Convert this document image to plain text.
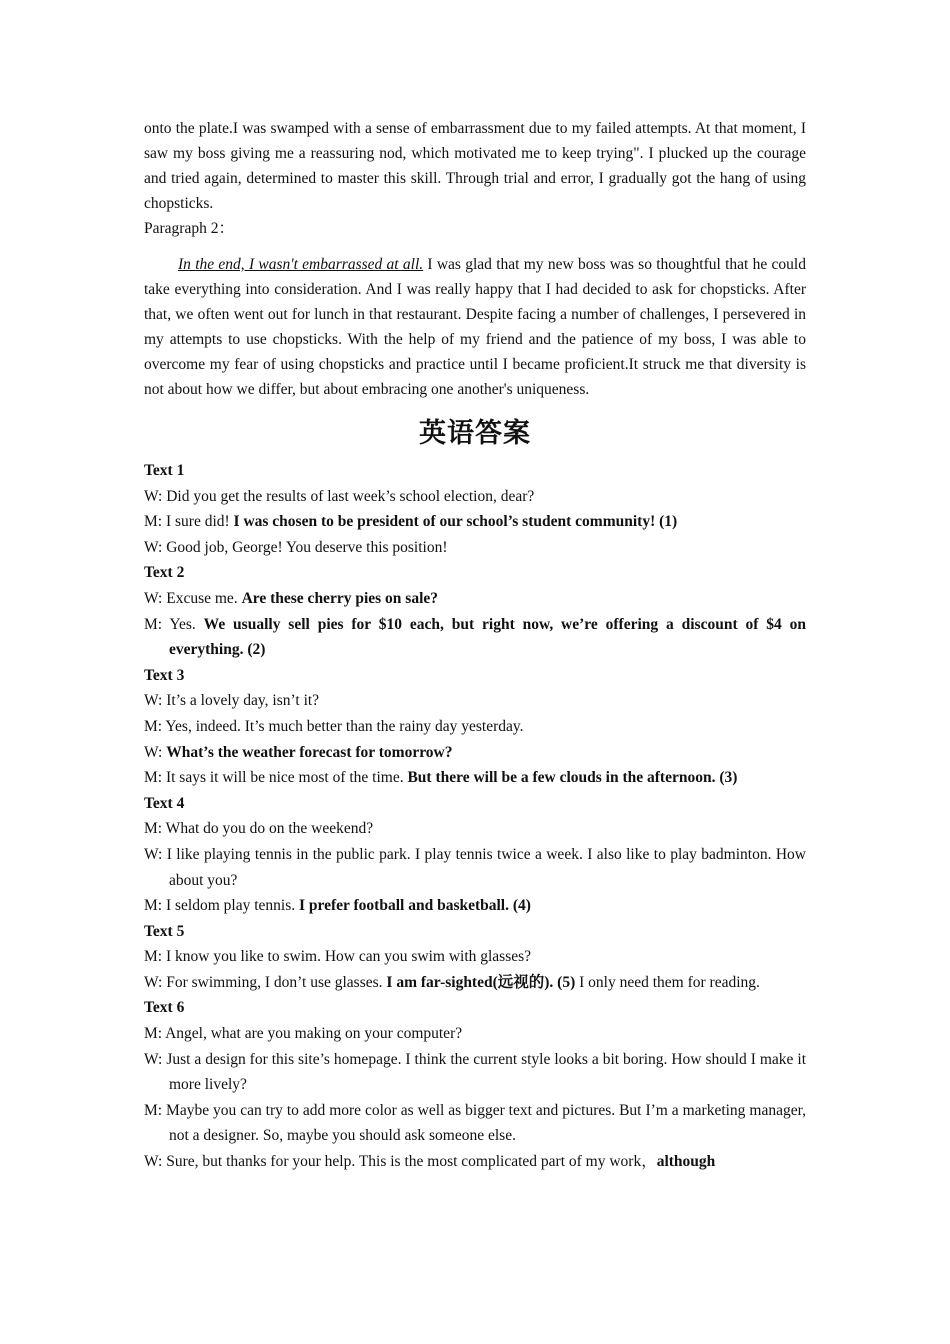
onto the plate.I was swamped with a sense of embarrassment due to my failed attempts. At that moment, I saw my boss giving me a reassuring nod, which motivated me to keep trying". I plucked up the courage and tried again, determined to master this skill. Through trial and error, I gradually got the hang of using chopsticks.

Paragraph 2：

In the end, I wasn't embarrassed at all. I was glad that my new boss was so thoughtful that he could take everything into consideration. And I was really happy that I had decided to ask for chopsticks. After that, we often went out for lunch in that restaurant. Despite facing a number of challenges, I persevered in my attempts to use chopsticks. With the help of my friend and the patience of my boss, I was able to overcome my fear of using chopsticks and practice until I became proficient.It struck me that diversity is not about how we differ, but about embracing one another's uniqueness.

英语答案

Text 1

W: Did you get the results of last week’s school election, dear?

M: I sure did! I was chosen to be president of our school’s student community! (1)

W: Good job, George! You deserve this position!

Text 2

W: Excuse me. Are these cherry pies on sale?

M: Yes. We usually sell pies for $10 each, but right now, we’re offering a discount of $4 on everything. (2)

Text 3

W: It’s a lovely day, isn’t it?

M: Yes, indeed. It’s much better than the rainy day yesterday.

W: What’s the weather forecast for tomorrow?

M: It says it will be nice most of the time. But there will be a few clouds in the afternoon. (3)

Text 4

M: What do you do on the weekend?

W: I like playing tennis in the public park. I play tennis twice a week. I also like to play badminton. How about you?

M: I seldom play tennis. I prefer football and basketball. (4)

Text 5

M: I know you like to swim. How can you swim with glasses?

W: For swimming, I don’t use glasses. I am far-sighted(远视的). (5) I only need them for reading.

Text 6

M: Angel, what are you making on your computer?

W: Just a design for this site’s homepage. I think the current style looks a bit boring. How should I make it more lively?

M: Maybe you can try to add more color as well as bigger text and pictures. But I’m a marketing manager, not a designer. So, maybe you should ask someone else.

W: Sure, but thanks for your help. This is the most complicated part of my work，although
